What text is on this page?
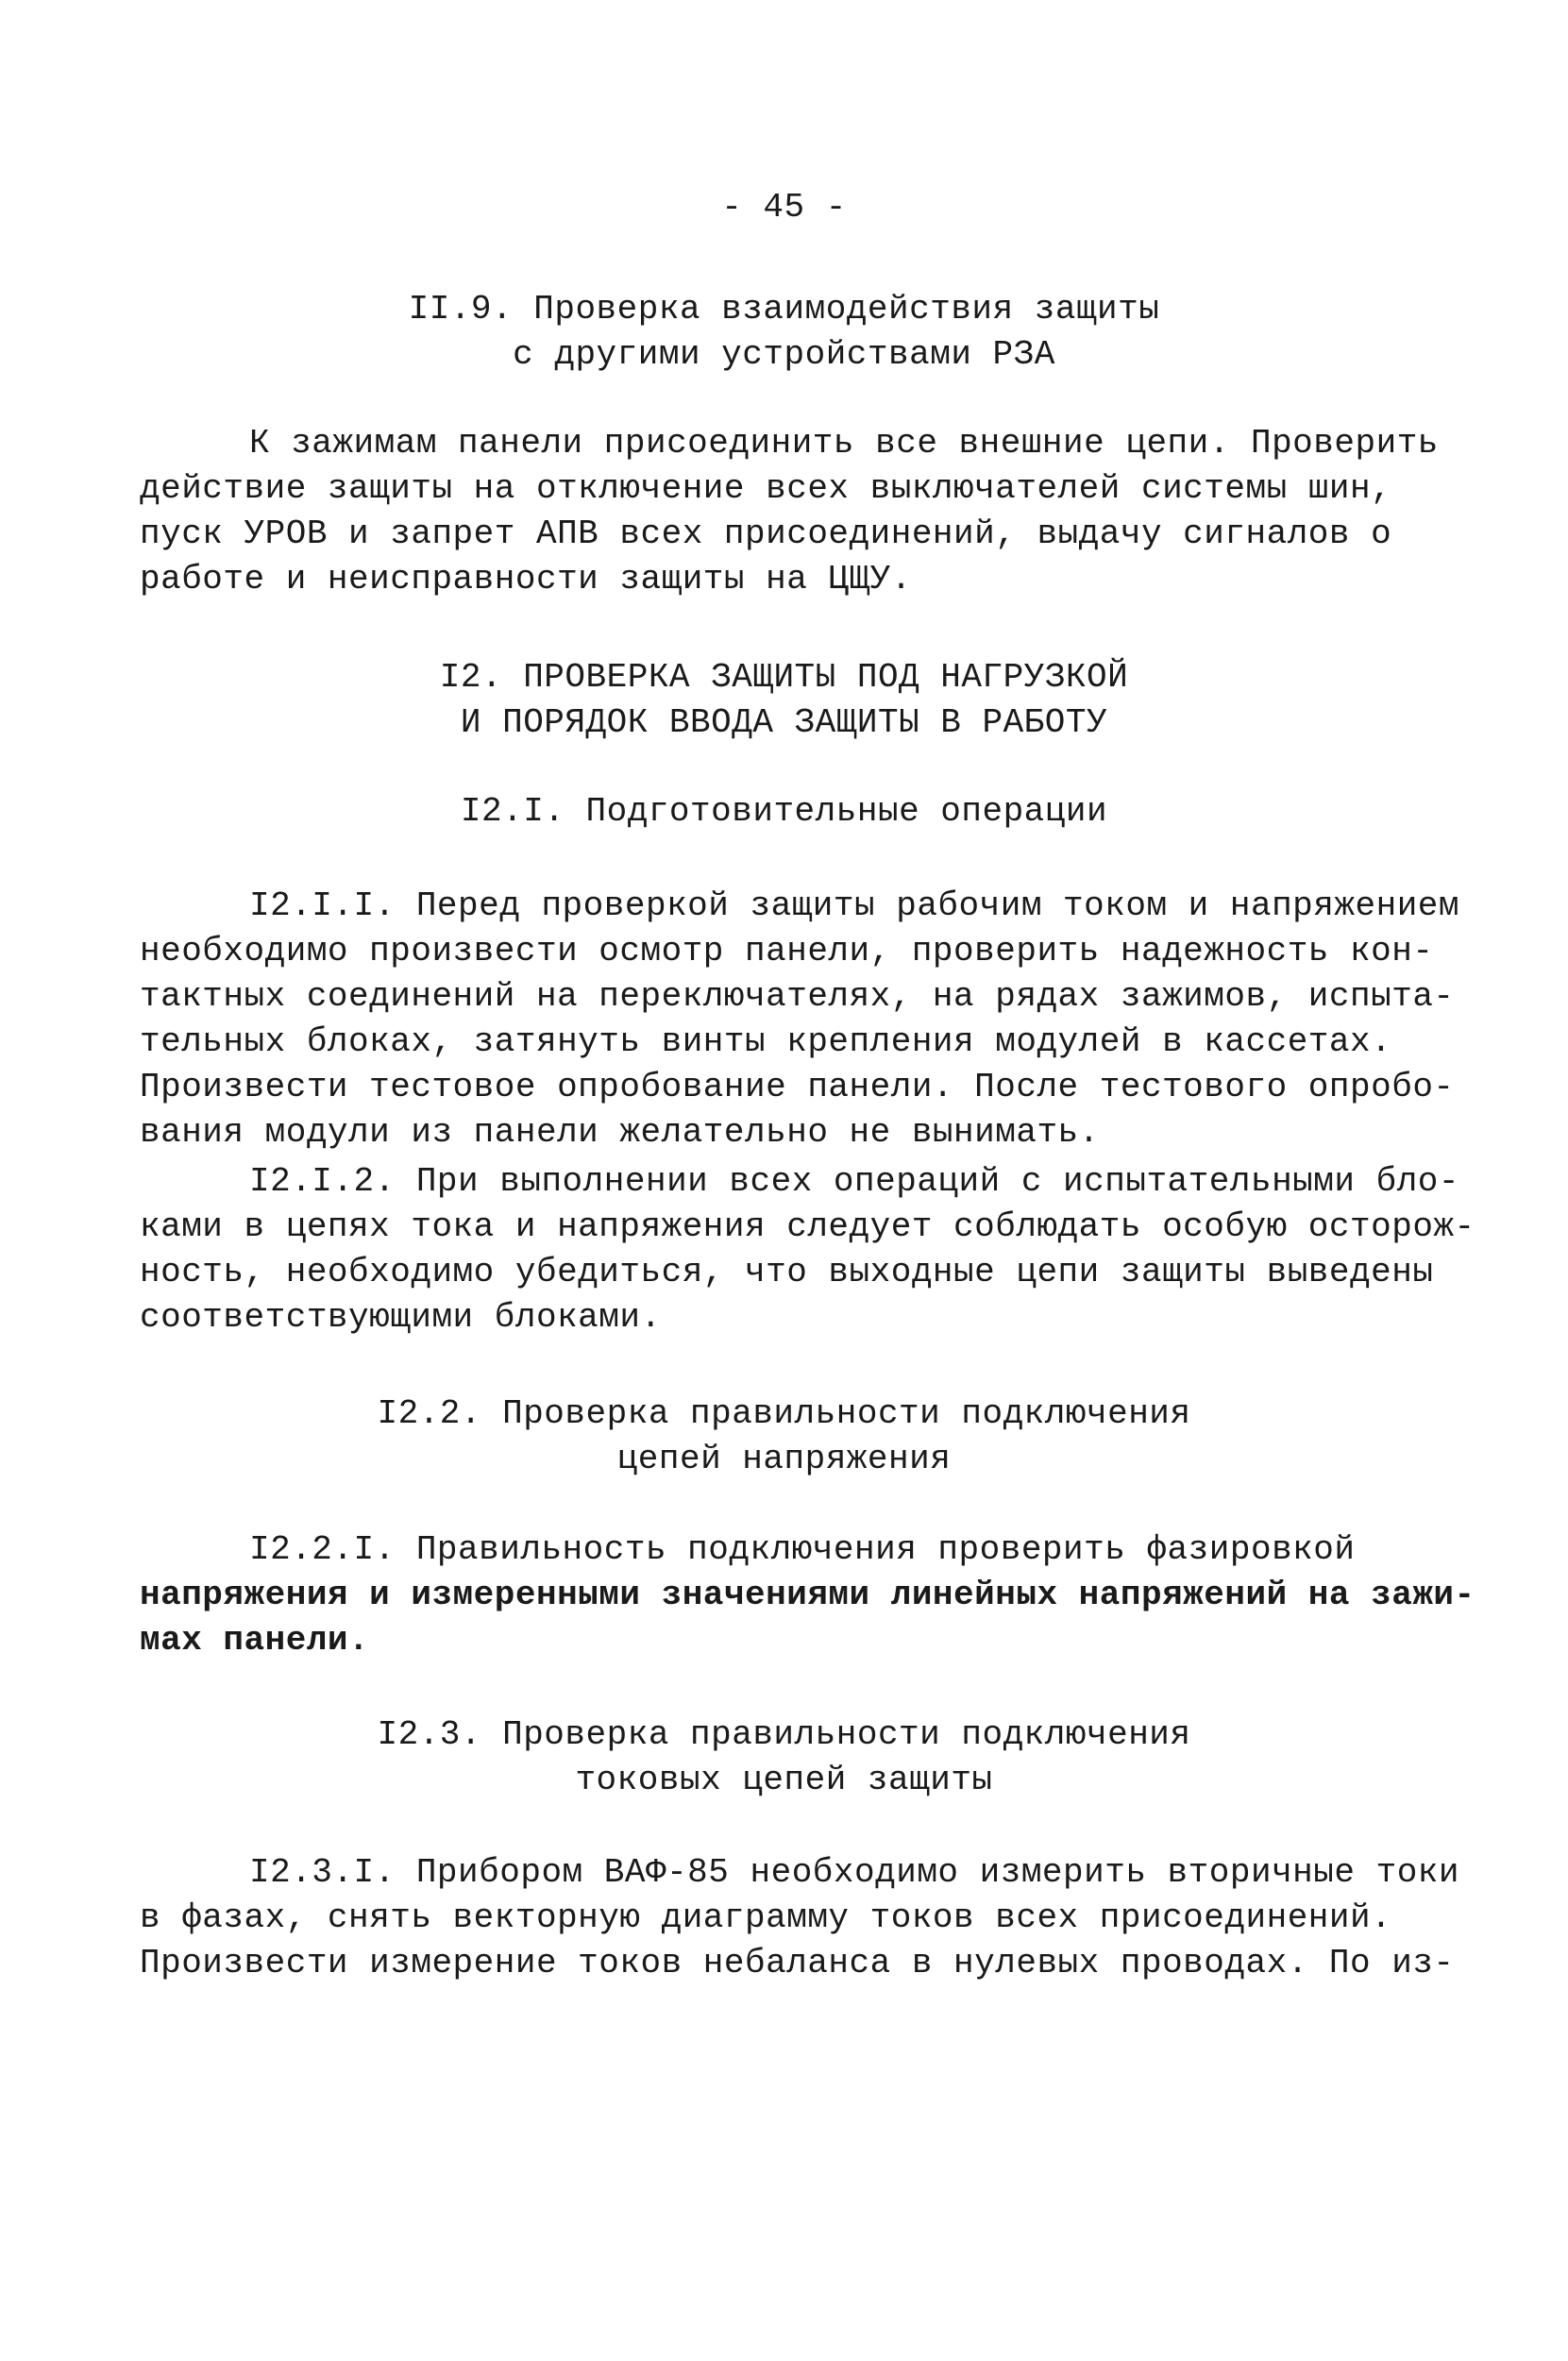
- 45 -
II.9. Проверка взаимодействия защиты
с другими устройствами РЗА
К зажимам панели присоединить все внешние цепи. Проверить
действие защиты на отключение всех выключателей системы шин,
пуск УРОВ и запрет АПВ всех присоединений, выдачу сигналов о
работе и неисправности защиты на ЦЩУ.
I2. ПРОВЕРКА ЗАЩИТЫ ПОД НАГРУЗКОЙ
И ПОРЯДОК ВВОДА ЗАЩИТЫ В РАБОТУ
I2.I. Подготовительные операции
I2.I.I. Перед проверкой защиты рабочим током и напряжением
необходимо произвести осмотр панели, проверить надежность кон-
тактных соединений на переключателях, на рядах зажимов, испыта-
тельных блоках, затянуть винты крепления модулей в кассетах.
Произвести тестовое опробование панели. После тестового опробо-
вания модули из панели желательно не вынимать.
I2.I.2. При выполнении всех операций с испытательными бло-
ками в цепях тока и напряжения следует соблюдать особую осторож-
ность, необходимо убедиться, что выходные цепи защиты выведены
соответствующими блоками.
I2.2. Проверка правильности подключения
цепей напряжения
I2.2.I. Правильность подключения проверить фазировкой
напряжения и измеренными значениями линейных напряжений на зажи-
мах панели.
I2.3. Проверка правильности подключения
токовых цепей защиты
I2.3.I. Прибором ВАФ-85 необходимо измерить вторичные токи
в фазах, снять векторную диаграмму токов всех присоединений.
Произвести измерение токов небаланса в нулевых проводах. По из-
